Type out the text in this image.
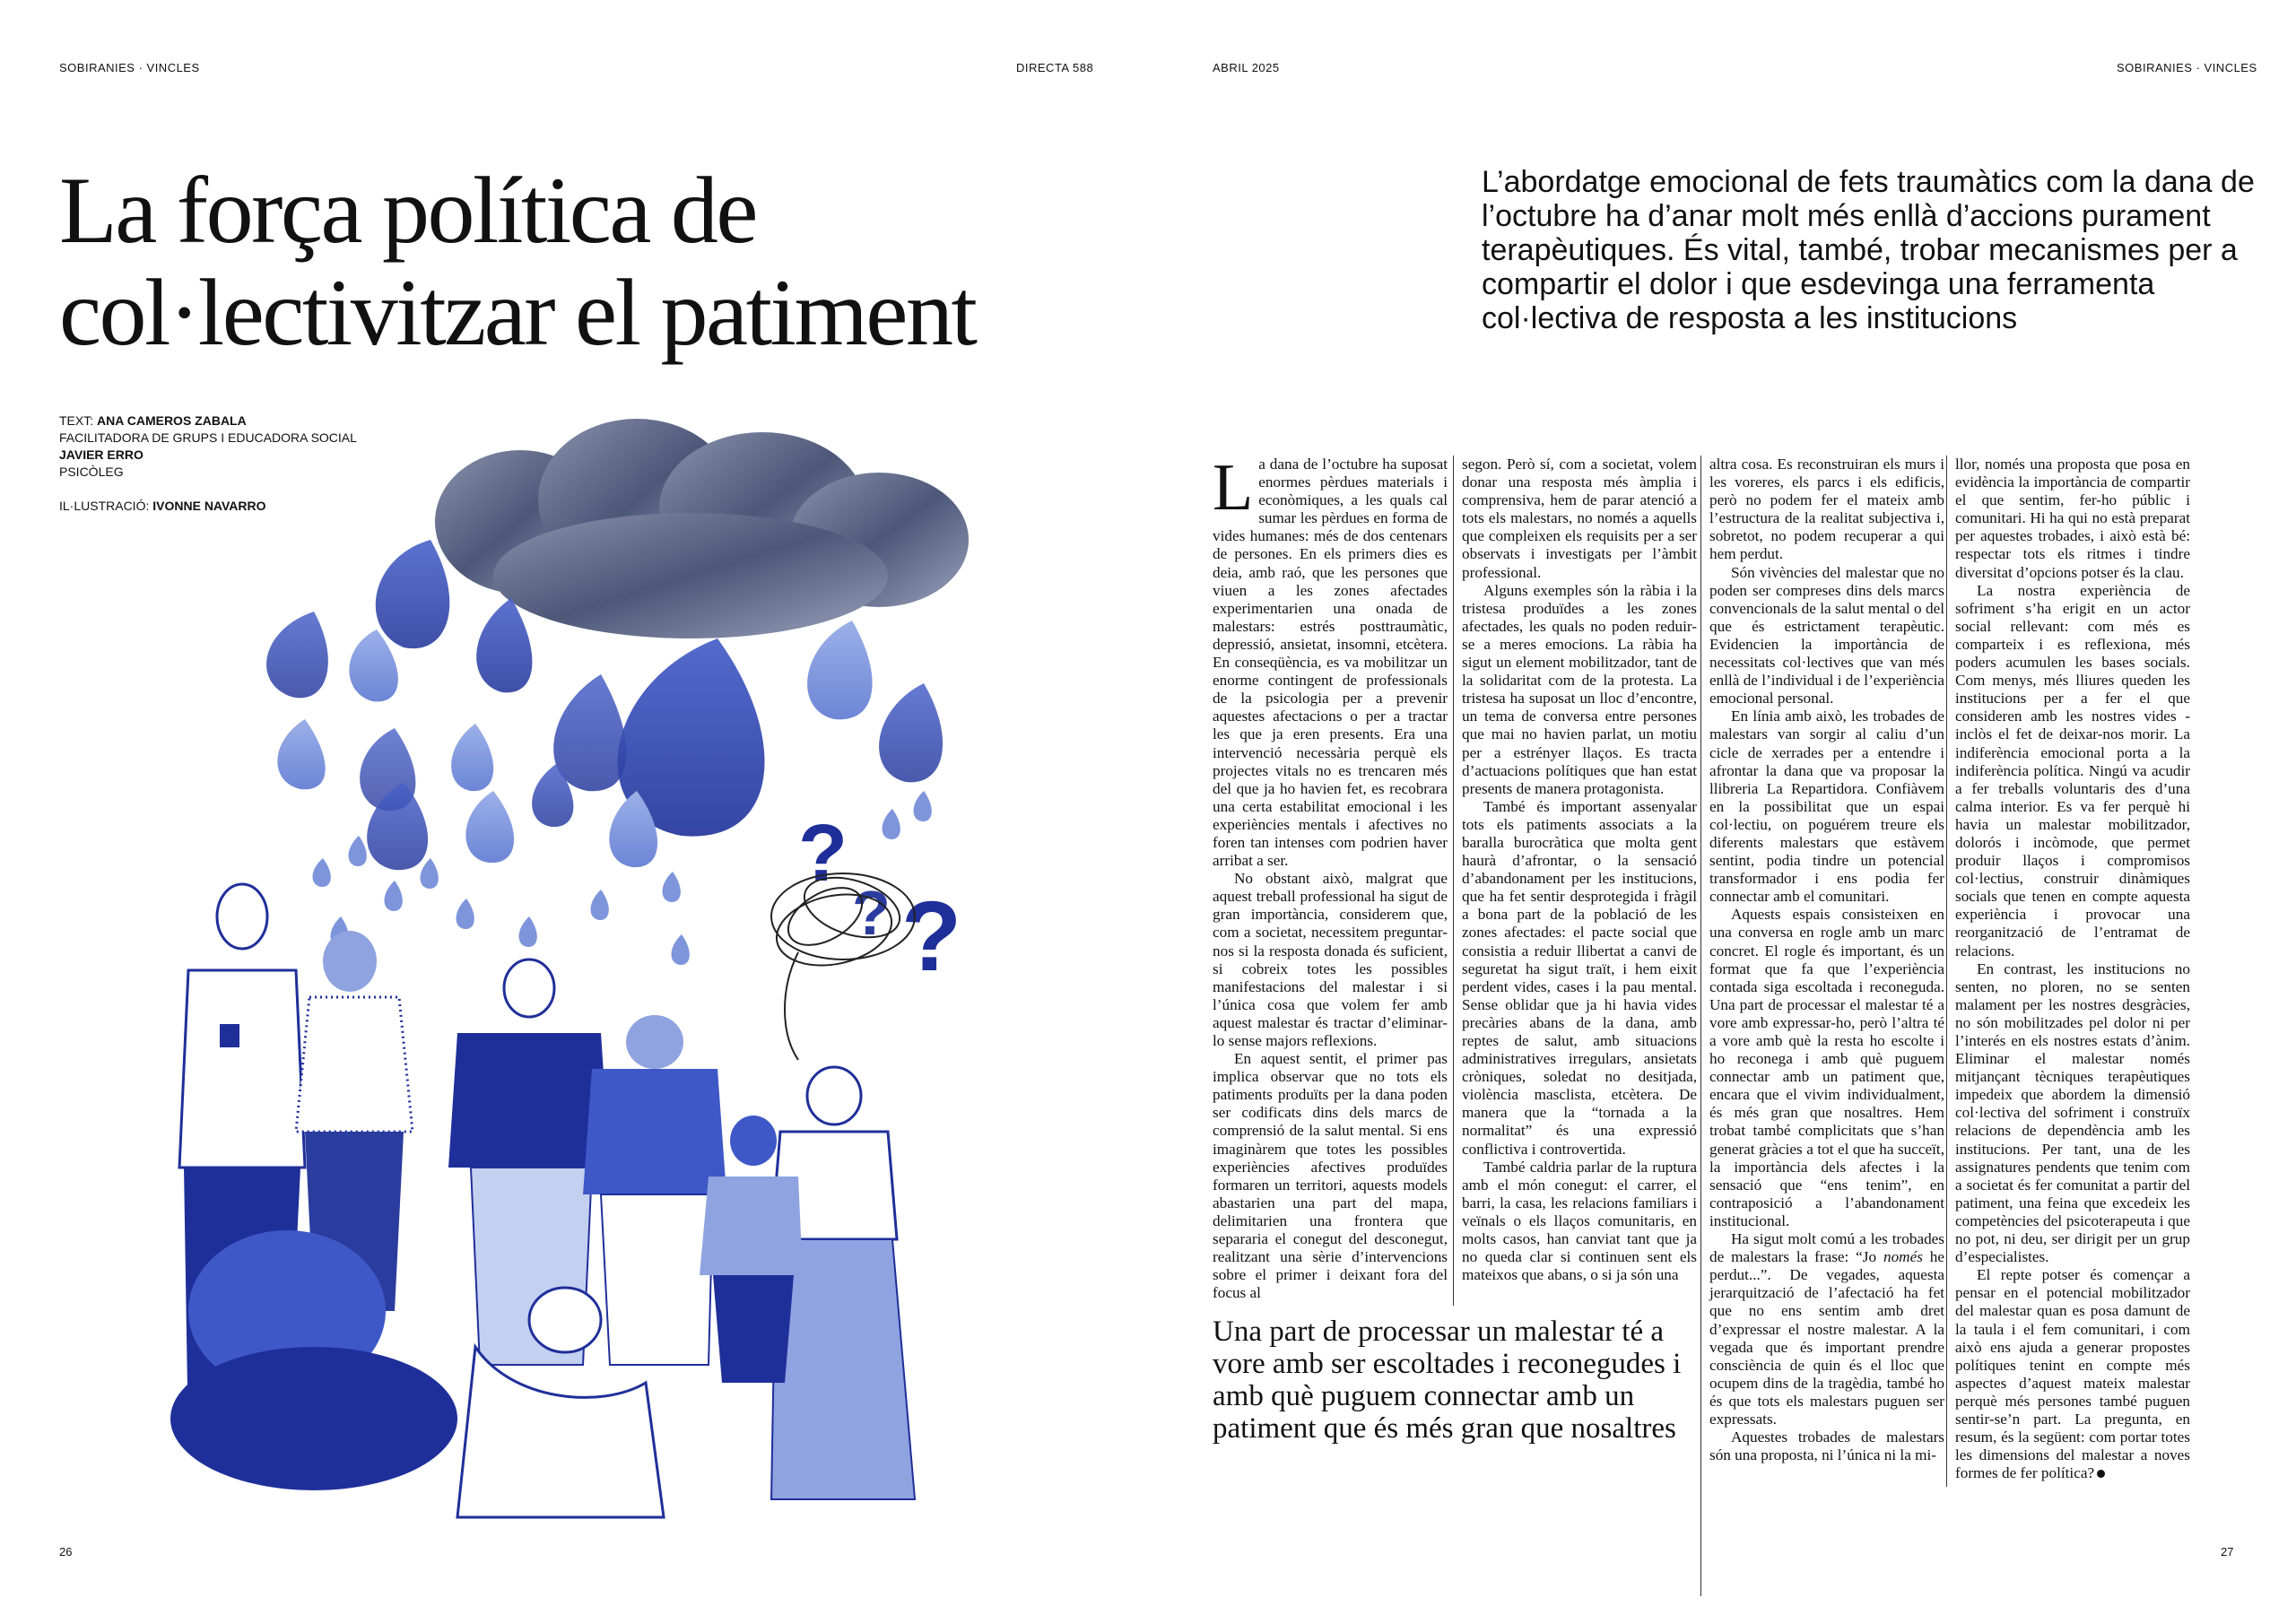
SOBIRANIES · VINCLES	DIRECTA 588	ABRIL 2025	SOBIRANIES · VINCLES
La força política de col·lectivitzar el patiment

L’abordatge emocional de fets traumàtics com la dana de l’octubre ha d’anar molt més enllà d’accions purament terapèutiques. És vital, també, trobar mecanismes per a compartir el dolor i que esdevinga una ferramenta col·lectiva de resposta a les institucions

TEXT: ANA CAMEROS ZABALA
FACILITADORA DE GRUPS I EDUCADORA SOCIAL
JAVIER ERRO
PSICÒLEG
IL·LUSTRACIÓ: IVONNE NAVARRO
?
? ?

La dana de l’octubre ha suposat enormes pèrdues materials i econòmiques, a les quals cal sumar les pèrdues en forma de vides humanes: més de dos centenars de persones. En els primers dies es deia, amb raó, que les persones que viuen a les zones afectades experimentarien una onada de malestars: estrés posttraumàtic, depressió, ansietat, insomni, etcètera. En conseqüència, es va mobilitzar un enorme contingent de professionals de la psicologia per a prevenir aquestes afectacions o per a tractar les que ja eren presents. Era una intervenció necessària perquè els projectes vitals no es trencaren més del que ja ho havien fet, es recobrara una certa estabilitat emocional i les experiències mentals i afectives no foren tan intenses com podrien haver arribat a ser.

No obstant això, malgrat que aquest treball professional ha sigut de gran importància, considerem que, com a societat, necessitem preguntar-nos si la resposta donada és suficient, si cobreix totes les possibles manifestacions del malestar i si l’única cosa que volem fer amb aquest malestar és tractar d’eliminar-lo sense majors reflexions.

En aquest sentit, el primer pas implica observar que no tots els patiments produïts per la dana poden ser codificats dins dels marcs de comprensió de la salut mental. Si ens imaginàrem que totes les possibles experiències afectives produïdes formaren un territori, aquests models abastarien una part del mapa, delimitarien una frontera que separaria el conegut del desconegut, realitzant una sèrie d’intervencions sobre el primer i deixant fora del focus al

segon. Però sí, com a societat, volem donar una resposta més àmplia i comprensiva, hem de parar atenció a tots els malestars, no només a aquells que compleixen els requisits per a ser observats i investigats per l’àmbit professional.

Alguns exemples són la ràbia i la tristesa produïdes a les zones afectades, les quals no poden reduir-se a meres emocions. La ràbia ha sigut un element mobilitzador, tant de la solidaritat com de la protesta. La tristesa ha suposat un lloc d’encontre, un tema de conversa entre persones que mai no havien parlat, un motiu per a estrényer llaços. Es tracta d’actuacions polítiques que han estat presents de manera protagonista.

També és important assenyalar tots els patiments associats a la baralla burocràtica que molta gent haurà d’afrontar, o la sensació d’abandonament per les institucions, que ha fet sentir desprotegida i fràgil a bona part de la població de les zones afectades: el pacte social que consistia a reduir llibertat a canvi de seguretat ha sigut traït, i hem eixit perdent vides, cases i la pau mental. Sense oblidar que ja hi havia vides precàries abans de la dana, amb reptes de salut, amb situacions administratives irregulars, ansietats cròniques, soledat no desitjada, violència masclista, etcètera. De manera que la “tornada a la normalitat” és una expressió conflictiva i controvertida.

També caldria parlar de la ruptura amb el món conegut: el carrer, el barri, la casa, les relacions familiars i veïnals o els llaços comunitaris, en molts casos, han canviat tant que ja no queda clar si continuen sent els mateixos que abans, o si ja són una

altra cosa. Es reconstruiran els murs i les voreres, els parcs i els edificis, però no podem fer el mateix amb l’estructura de la realitat subjectiva i, sobretot, no podem recuperar a qui hem perdut.

Són vivències del malestar que no poden ser compreses dins dels marcs convencionals de la salut mental o del que és estrictament terapèutic. Evidencien la importància de necessitats col·lectives que van més enllà de l’individual i de l’experiència emocional personal.

En línia amb això, les trobades de malestars van sorgir al caliu d’un cicle de xerrades per a entendre i afrontar la dana que va proposar la llibreria La Repartidora. Confiàvem en la possibilitat que un espai col·lectiu, on poguérem treure els diferents malestars que estàvem sentint, podia tindre un potencial transformador i ens podia fer connectar amb el comunitari.

Aquests espais consisteixen en una conversa en rogle amb un marc concret. El rogle és important, és un format que fa que l’experiència contada siga escoltada i reconeguda. Una part de processar el malestar té a vore amb expressar-ho, però l’altra té a vore amb què la resta ho escolte i ho reconega i amb què puguem connectar amb un patiment que, encara que el vivim individualment, és més gran que nosaltres. Hem trobat també complicitats que s’han generat gràcies a tot el que ha succeït, la importància dels afectes i la sensació que “ens tenim”, en contraposició a l’abandonament institucional.

Ha sigut molt comú a les trobades de malestars la frase: “Jo només he perdut...”. De vegades, aquesta jerarquització de l’afectació ha fet que no ens sentim amb dret d’expressar el nostre malestar. A la vegada que és important prendre consciència de quin és el lloc que ocupem dins de la tragèdia, també ho és que tots els malestars puguen ser expressats.

Aquestes trobades de malestars són una proposta, ni l’única ni la mi-

llor, només una proposta que posa en evidència la importància de compartir el que sentim, fer-ho públic i comunitari. Hi ha qui no està preparat per aquestes trobades, i això està bé: respectar tots els ritmes i tindre diversitat d’opcions potser és la clau.

La nostra experiència de sofriment s’ha erigit en un actor social rellevant: com més es comparteix i es reflexiona, més poders acumulen les bases socials. Com menys, més lliures queden les institucions per a fer el que consideren amb les nostres vides -inclòs el fet de deixar-nos morir. La indiferència emocional porta a la indiferència política. Ningú va acudir a fer treballs voluntaris des d’una calma interior. Es va fer perquè hi havia un malestar mobilitzador, dolorós i incòmode, que permet produir llaços i compromisos col·lectius, construir dinàmiques socials que tenen en compte aquesta experiència i provocar una reorganització de l’entramat de relacions.

En contrast, les institucions no senten, no ploren, no se senten malament per les nostres desgràcies, no són mobilitzades pel dolor ni per l’interés en els nostres estats d’ànim. Eliminar el malestar només mitjançant tècniques terapèutiques impedeix que abordem la dimensió col·lectiva del sofriment i construïx relacions de dependència amb les institucions. Per tant, una de les assignatures pendents que tenim com a societat és fer comunitat a partir del patiment, una feina que excedeix les competències del psicoterapeuta i que no pot, ni deu, ser dirigit per un grup d’especialistes.

El repte potser és començar a pensar en el potencial mobilitzador del malestar quan es posa damunt de la taula i el fem comunitari, i com això ens ajuda a generar propostes polítiques tenint en compte més aspectes d’aquest mateix malestar perquè més persones també puguen sentir-se’n part. La pregunta, en resum, és la següent: com portar totes les dimensions del malestar a noves formes de fer política?

Una part de processar un malestar té a vore amb ser escoltades i reconegudes i amb què puguem connectar amb un patiment que és més gran que nosaltres

26	27
